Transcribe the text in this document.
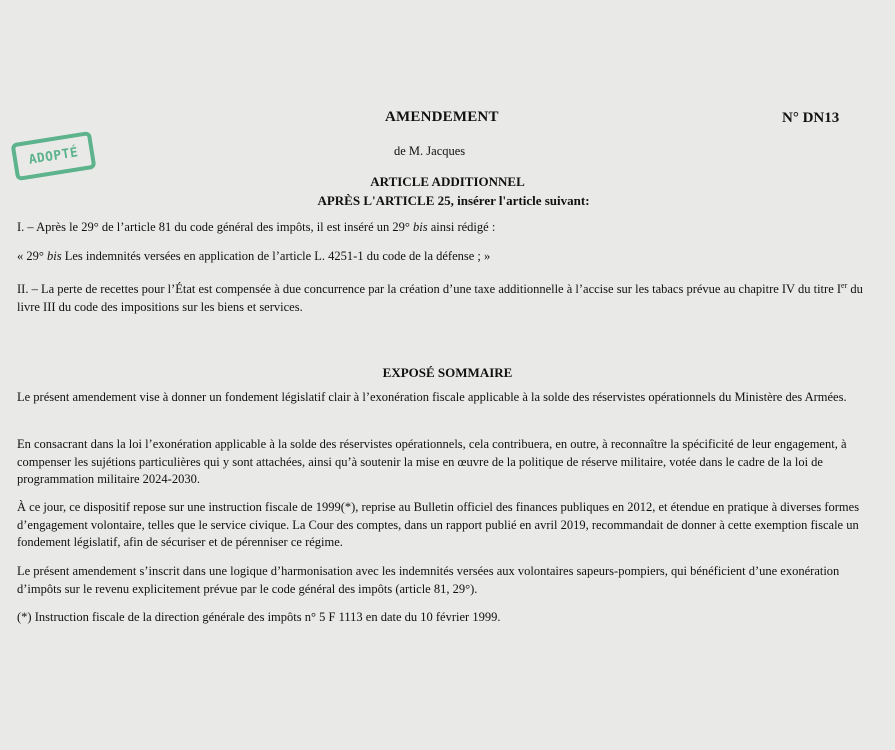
AMENDEMENT	N° DN13
de M. Jacques
ADOPTÉ
ARTICLE ADDITIONNEL
APRÈS L'ARTICLE 25, insérer l'article suivant:
I. – Après le 29° de l’article 81 du code général des impôts, il est inséré un 29° bis ainsi rédigé :
« 29° bis Les indemnités versées en application de l’article L. 4251-1 du code de la défense ; »
II. – La perte de recettes pour l’État est compensée à due concurrence par la création d’une taxe additionnelle à l’accise sur les tabacs prévue au chapitre IV du titre Ier du livre III du code des impositions sur les biens et services.
EXPOSÉ SOMMAIRE
Le présent amendement vise à donner un fondement législatif clair à l’exonération fiscale applicable à la solde des réservistes opérationnels du Ministère des Armées.
En consacrant dans la loi l’exonération applicable à la solde des réservistes opérationnels, cela contribuera, en outre, à reconnaître la spécificité de leur engagement, à compenser les sujétions particulières qui y sont attachées, ainsi qu’à soutenir la mise en œuvre de la politique de réserve militaire, votée dans le cadre de la loi de programmation militaire 2024-2030.
À ce jour, ce dispositif repose sur une instruction fiscale de 1999(*), reprise au Bulletin officiel des finances publiques en 2012, et étendue en pratique à diverses formes d’engagement volontaire, telles que le service civique. La Cour des comptes, dans un rapport publié en avril 2019, recommandait de donner à cette exemption fiscale un fondement législatif, afin de sécuriser et de pérenniser ce régime.
Le présent amendement s’inscrit dans une logique d’harmonisation avec les indemnités versées aux volontaires sapeurs-pompiers, qui bénéficient d’une exonération d’impôts sur le revenu explicitement prévue par le code général des impôts (article 81, 29°).
(*) Instruction fiscale de la direction générale des impôts n° 5 F 1113 en date du 10 février 1999.
